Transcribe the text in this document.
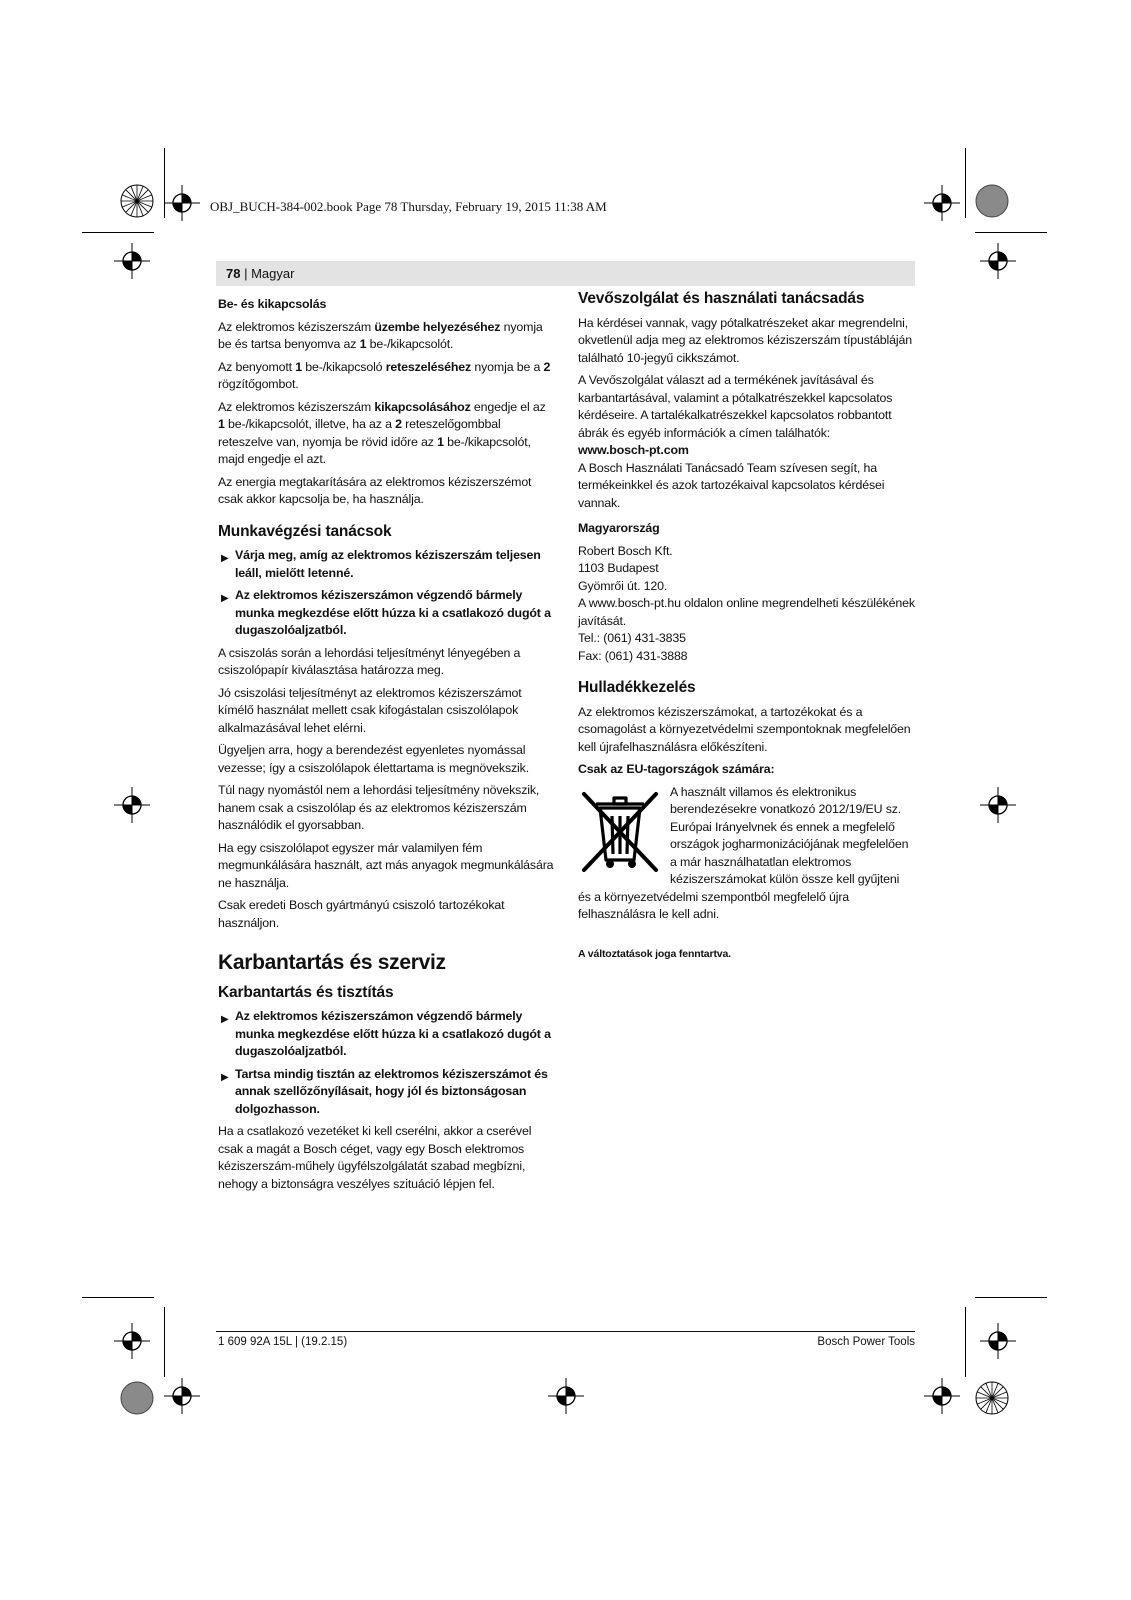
OBJ_BUCH-384-002.book Page 78 Thursday, February 19, 2015 11:38 AM
78 | Magyar
Be- és kikapcsolás

Az elektromos kéziszerszám üzembe helyezéséhez nyomja be és tartsa benyomva az 1 be-/kikapcsolót.

Az benyomott 1 be-/kikapcsoló reteszeléséhez nyomja be a 2 rögzítőgombot.

Az elektromos kéziszerszám kikapcsolásához engedje el az 1 be-/kikapcsolót, illetve, ha az a 2 reteszelőgombbal reteszelve van, nyomja be rövid időre az 1 be-/kikapcsolót, majd engedje el azt.

Az energia megtakarítására az elektromos kéziszerszémot csak akkor kapcsolja be, ha használja.

Munkavégzési tanácsok
▶ Várja meg, amíg az elektromos kéziszerszám teljesen leáll, mielőtt letenné.
▶ Az elektromos kéziszerszámon végzendő bármely munka megkezdése előtt húzza ki a csatlakozó dugót a dugaszolóaljzatból.

A csiszolás során a lehordási teljesítményt lényegében a csiszolópapír kiválasztása határozza meg.

Jó csiszolási teljesítményt az elektromos kéziszerszámot kímélő használat mellett csak kifogástalan csiszolólapok alkalmazásával lehet elérni.

Ügyeljen arra, hogy a berendezést egyenletes nyomással vezesse; így a csiszolólapok élettartama is megnövekszik.

Túl nagy nyomástól nem a lehordási teljesítmény növekszik, hanem csak a csiszolólap és az elektromos kéziszerszám használódik el gyorsabban.

Ha egy csiszolólapot egyszer már valamilyen fém megmunkálására használt, azt más anyagok megmunkálására ne használja.

Csak eredeti Bosch gyártmányú csiszoló tartozékokat használjon.

Karbantartás és szerviz
Karbantartás és tisztítás
▶ Az elektromos kéziszerszámon végzendő bármely munka megkezdése előtt húzza ki a csatlakozó dugót a dugaszolóaljzatból.
▶ Tartsa mindig tisztán az elektromos kéziszerszámot és annak szellőzőnyílásait, hogy jól és biztonságosan dolgozhasson.

Ha a csatlakozó vezetéket ki kell cserélni, akkor a cserével csak a magát a Bosch céget, vagy egy Bosch elektromos kéziszerszám-műhely ügyfélszolgálatát szabad megbízni, nehogy a biztonságra veszélyes szituáció lépjen fel.

Vevőszolgálat és használati tanácsadás

Ha kérdései vannak, vagy pótalkatrészeket akar megrendelni, okvetlenül adja meg az elektromos kéziszerszám típustábláján található 10-jegyű cikkszámot.

A Vevőszolgálat választ ad a termékének javításával és karbantartásával, valamint a pótalkatrészekkel kapcsolatos kérdéseire. A tartalékalkatrészekkel kapcsolatos robbantott ábrák és egyéb információk a címen találhatók:

www.bosch-pt.com

A Bosch Használati Tanácsadó Team szívesen segít, ha termékeinkkel és azok tartozékaival kapcsolatos kérdései vannak.

Magyarország
Robert Bosch Kft.
1103 Budapest
Gyömrői út. 120.
A www.bosch-pt.hu oldalon online megrendelheti készülékének javítását.
Tel.: (061) 431-3835
Fax: (061) 431-3888
Hulladékkezelés

Az elektromos kéziszerszámokat, a tartozékokat és a csomagolást a környezetvédelmi szempontoknak megfelelően kell újrafelhasználásra előkészíteni.

Csak az EU-tagországok számára:
A használt villamos és elektronikus berendezésekre vonatkozó 2012/19/EU sz. Európai Irányelvnek és ennek a megfelelő országok jogharmonizációjának megfelelően a már használhatatlan elektromos kéziszerszámokat külön össze kell gyűjteni és a környezetvédelmi szempontból megfelelő újra felhasználásra le kell adni.
A változtatások joga fenntartva.
1 609 92A 15L | (19.2.15)	Bosch Power Tools
